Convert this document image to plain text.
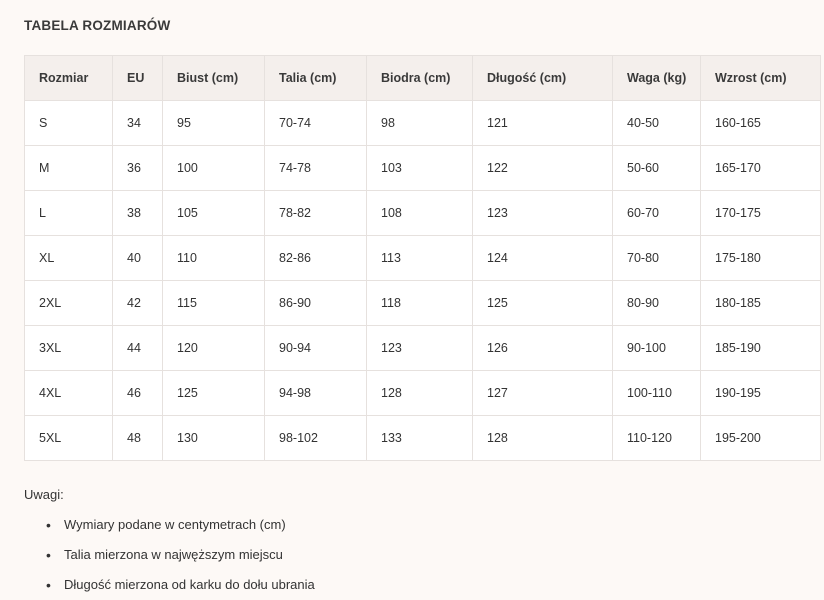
TABELA ROZMIARÓW
Rozmiar	EU	Biust (cm)	Talia (cm)	Biodra (cm)	Długość (cm)	Waga (kg)	Wzrost (cm)
S	34	95	70-74	98	121	40-50	160-165
M	36	100	74-78	103	122	50-60	165-170
L	38	105	78-82	108	123	60-70	170-175
XL	40	110	82-86	113	124	70-80	175-180
2XL	42	115	86-90	118	125	80-90	180-185
3XL	44	120	90-94	123	126	90-100	185-190
4XL	46	125	94-98	128	127	100-110	190-195
5XL	48	130	98-102	133	128	110-120	195-200
Uwagi:
• Wymiary podane w centymetrach (cm)
• Talia mierzona w najwęższym miejscu
• Długość mierzona od karku do dołu ubrania
